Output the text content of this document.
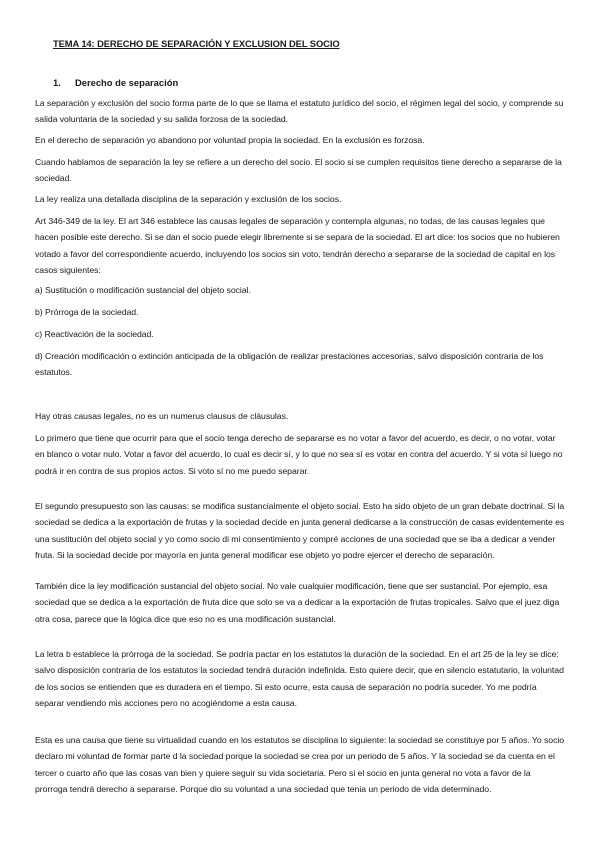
TEMA 14: DERECHO DE SEPARACIÓN Y EXCLUSION DEL SOCIO
1. Derecho de separación

La separación y exclusión del socio forma parte de lo que se llama el estatuto jurídico del socio, el régimen legal del socio, y comprende su salida voluntaria de la sociedad y su salida forzosa de la sociedad.

En el derecho de separación yo abandono por voluntad propia la sociedad. En la exclusión es forzosa.

Cuando hablamos de separación la ley se refiere a un derecho del socio. El socio si se cumplen requisitos tiene derecho a separarse de la sociedad.

La ley realiza una detallada disciplina de la separación y exclusión de los socios.

Art 346-349 de la ley. El art 346 establece las causas legales de separación y contempla algunas, no todas, de las causas legales que hacen posible este derecho. Si se dan el socio puede elegir libremente si se separa de la sociedad. El art dice: los socios que no hubieren votado a favor del correspondiente acuerdo, incluyendo los socios sin voto, tendrán derecho a separarse de la sociedad de capital en los casos siguientes:

a) Sustitución o modificación sustancial del objeto social.

b) Prórroga de la sociedad.

c) Reactivación de la sociedad.

d) Creación modificación o extinción anticipada de la obligación de realizar prestaciones accesorias, salvo disposición contraria de los estatutos.

Hay otras causas legales, no es un numerus clausus de cláusulas.

Lo primero que tiene que ocurrir para que el socio tenga derecho de separarse es no votar a favor del acuerdo, es decir, o no votar, votar en blanco o votar nulo. Votar a favor del acuerdo, lo cual es decir sí, y lo que no sea sí es votar en contra del acuerdo. Y si vota sí luego no podrá ir en contra de sus propios actos. Si voto sí no me puedo separar.

El segundo presupuesto son las causas: se modifica sustancialmente el objeto social. Esto ha sido objeto de un gran debate doctrinal. Si la sociedad se dedica a la exportación de frutas y la sociedad decide en junta general dedicarse a la construcción de casas evidentemente es una sustitución del objeto social y yo como socio di mi consentimiento y compré acciones de una sociedad que se iba a dedicar a vender fruta. Si la sociedad decide por mayoría en junta general modificar ese objeto yo podre ejercer el derecho de separación.

También dice la ley modificación sustancial del objeto social. No vale cualquier modificación, tiene que ser sustancial. Por ejemplo, esa sociedad que se dedica a la exportación de fruta dice que solo se va a dedicar a la exportación de frutas tropicales. Salvo que el juez diga otra cosa, parece que la lógica dice que eso no es una modificación sustancial.

La letra b establece la prórroga de la sociedad. Se podría pactar en los estatutos la duración de la sociedad. En el art 25 de la ley se dice: salvo disposición contraria de los estatutos la sociedad tendrá duración indefinida. Esto quiere decir, que en silencio estatutario, la voluntad de los socios se entienden que es duradera en el tiempo. Si esto ocurre, esta causa de separación no podría suceder. Yo me podría separar vendiendo mis acciones pero no acogiéndome a esta causa.

Esta es una causa que tiene su virtualidad cuando en los estatutos se disciplina lo siguiente: la sociedad se constituye por 5 años. Yo socio declaro mi voluntad de formar parte d la sociedad porque la sociedad se crea por un periodo de 5 años. Y la sociedad se da cuenta en el tercer o cuarto año que las cosas van bien y quiere seguir su vida societaria. Pero si el socio en junta general no vota a favor de la prorroga tendrá derecho a separarse. Porque dio su voluntad a una sociedad que tenia un periodo de vida determinado.
